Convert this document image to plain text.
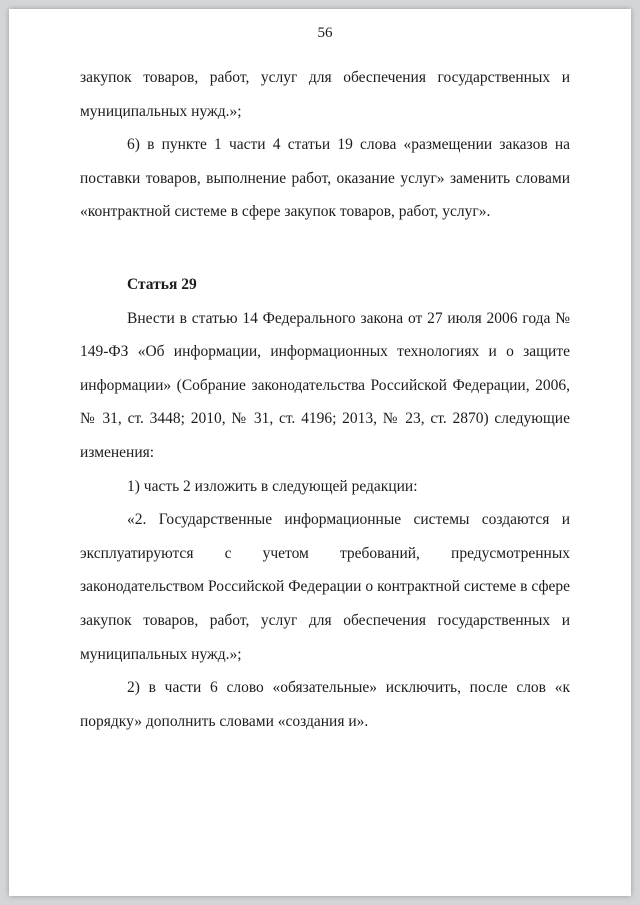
56

закупок товаров, работ, услуг для обеспечения государственных и муниципальных нужд.»;

6) в пункте 1 части 4 статьи 19 слова «размещении заказов на поставки товаров, выполнение работ, оказание услуг» заменить словами «контрактной системе в сфере закупок товаров, работ, услуг».

Статья 29

Внести в статью 14 Федерального закона от 27 июля 2006 года № 149-ФЗ «Об информации, информационных технологиях и о защите информации» (Собрание законодательства Российской Федерации, 2006, № 31, ст. 3448; 2010, № 31, ст. 4196; 2013, № 23, ст. 2870) следующие изменения:

1) часть 2 изложить в следующей редакции:

«2. Государственные информационные системы создаются и эксплуатируются с учетом требований, предусмотренных законодательством Российской Федерации о контрактной системе в сфере закупок товаров, работ, услуг для обеспечения государственных и муниципальных нужд.»;

2) в части 6 слово «обязательные» исключить, после слов «к порядку» дополнить словами «создания и».
